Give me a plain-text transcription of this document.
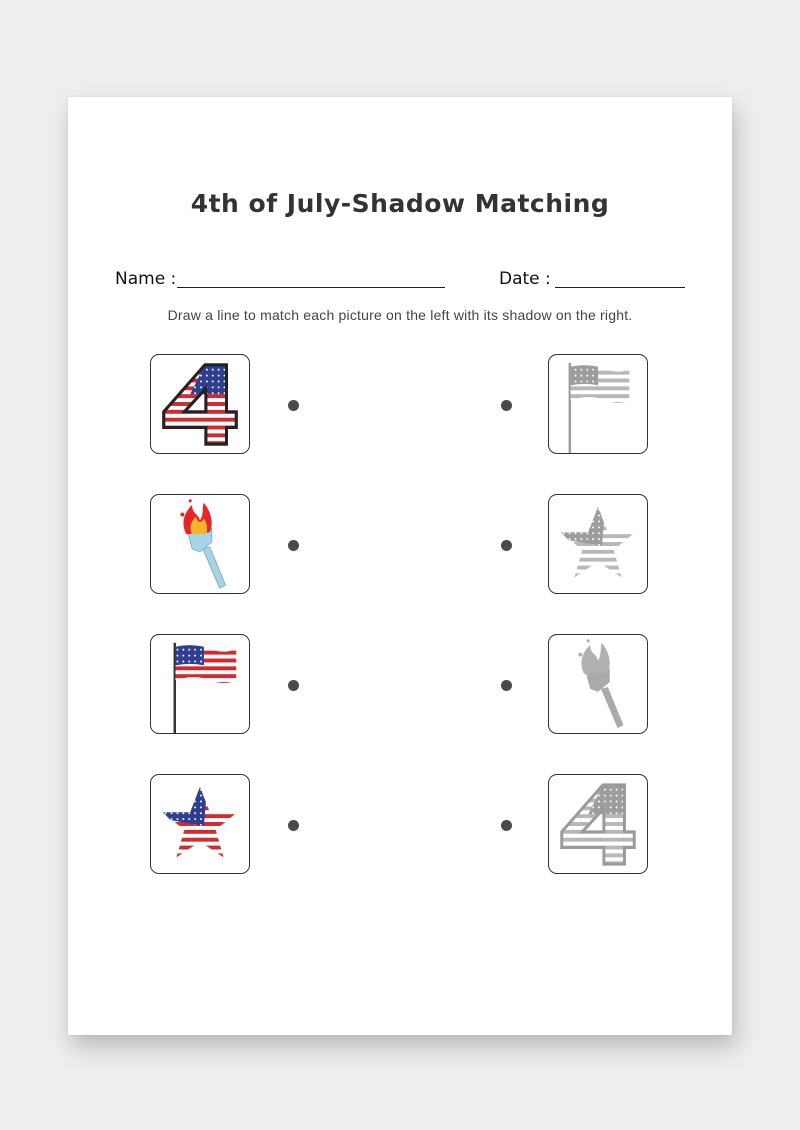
4th of July-Shadow Matching
Name :	Date :
Draw a line to match each picture on the left with its shadow on the right.
